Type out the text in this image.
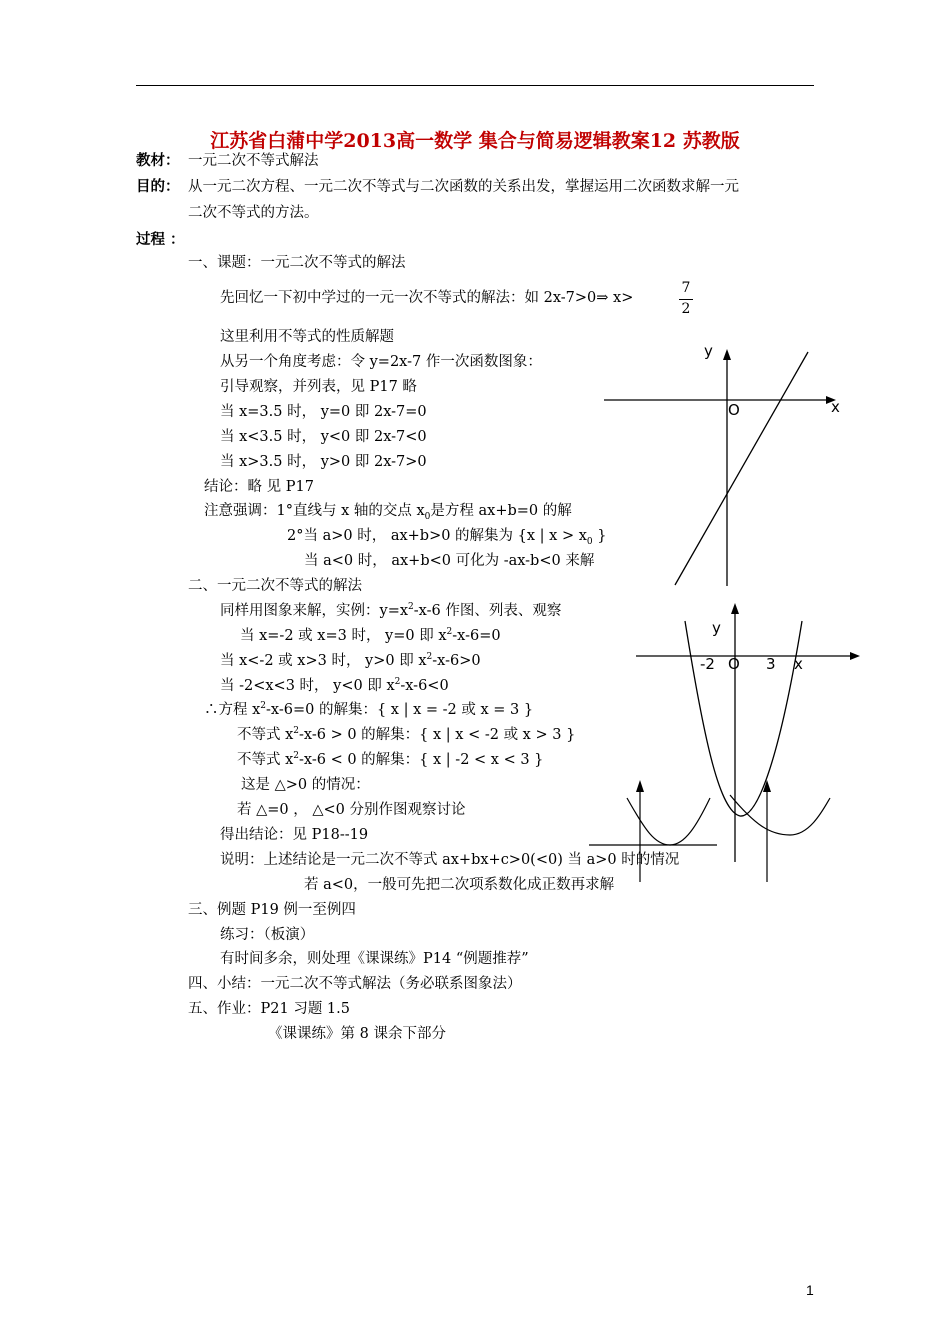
江苏省白蒲中学2013高一数学 集合与简易逻辑教案12 苏教版
教材： 一元二次不等式解法
目的： 从一元二次方程、一元二次不等式与二次函数的关系出发，掌握运用二次函数求解一元
二次不等式的方法。
过程 ：
一、课题：一元二次不等式的解法
先回忆一下初中学过的一元一次不等式的解法：如 2x-7>0⇒ x>
7
2
这里利用不等式的性质解题
从另一个角度考虑：令 y=2x-7 作一次函数图象：
引导观察，并列表，见 P17 略
当 x=3.5 时， y=0 即 2x-7=0
当 x<3.5 时， y<0 即 2x-7<0
当 x>3.5 时， y>0 即 2x-7>0
结论：略 见 P17
注意强调：1°直线与 x 轴的交点 $x_0$是方程 ax+b=0 的解
2°当 a>0 时， ax+b>0 的解集为 {x | $x > x_0$ }
当 a<0 时， ax+b<0 可化为 -ax-b<0 来解
二、一元二次不等式的解法
同样用图象来解，实例：$y=x^2-x-6$ 作图、列表、观察
当 x=-2 或 x=3 时， y=0 即 $x^2-x-6=0$
当 x<-2 或 x>3 时， y>0 即 $x^2-x-6>0$
当 -2<x<3 时， y<0 即 $x^2-x-6<0$
∴方程 $x^2-x-6=0$ 的解集：{ x | x = -2 或 x = 3 }
不等式 $x^2-x-6 > 0$ 的解集：{ x | x < -2 或 x > 3 }
不等式 $x^2-x-6 < 0$ 的解集：{ x | -2 < x < 3 }
这是 △>0 的情况：
若 △=0 ， △<0 分别作图观察讨论
得出结论：见 P18--19
说明：上述结论是一元二次不等式 ax+bx+c>0(<0) 当 a>0 时的情况
若 a<0，一般可先把二次项系数化成正数再求解
三、例题 P19 例一至例四
练习：（板演）
有时间多余，则处理《课课练》P14 “例题推荐”
四、小结：一元二次不等式解法（务必联系图象法）
五、作业：P21 习题 1.5
《课课练》第 8 课余下部分
y
x
O
y
-2 O 3 x
1
